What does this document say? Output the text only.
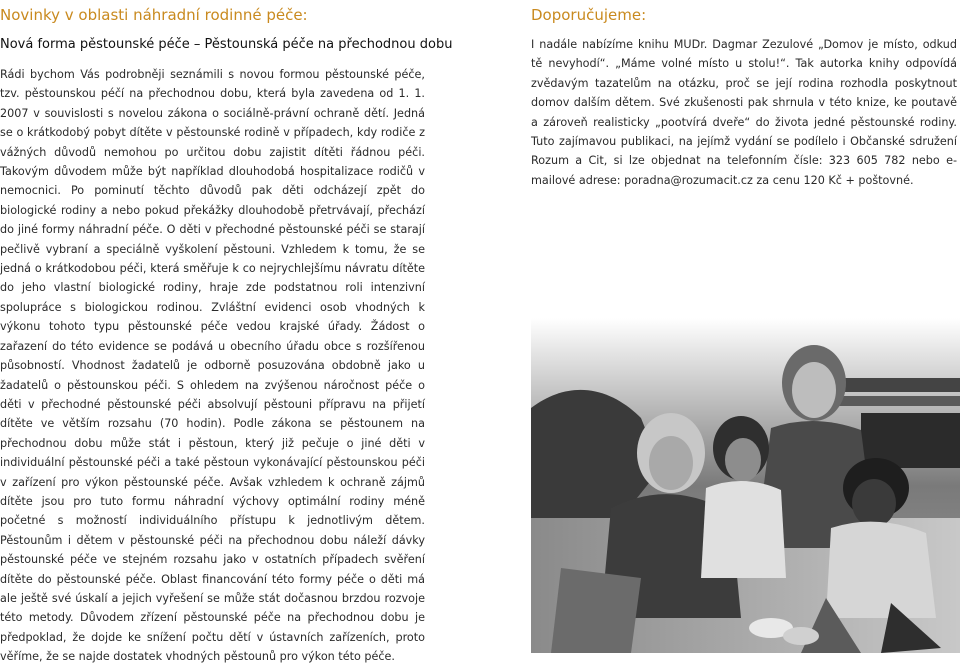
Novinky v oblasti náhradní rodinné péče:
Nová forma pěstounské péče – Pěstounská péče na přechodnou dobu

Rádi bychom Vás podrobněji seznámili s novou formou pěstounské péče, tzv. pěstounskou péčí na přechodnou dobu, která byla zavedena od 1. 1. 2007 v souvislosti s novelou zákona o sociálně-právní ochraně dětí. Jedná se o krátkodobý pobyt dítěte v pěstounské rodině v případech, kdy rodiče z vážných důvodů nemohou po určitou dobu zajistit dítěti řádnou péči. Takovým důvodem může být například dlouhodobá hospitalizace rodičů v nemocnici. Po pominutí těchto důvodů pak děti odcházejí zpět do biologické rodiny a nebo pokud překážky dlouhodobě přetrvávají, přechází do jiné formy náhradní péče. O děti v přechodné pěstounské péči se starají pečlivě vybraní a speciálně vyškolení pěstouni. Vzhledem k tomu, že se jedná o krátkodobou péči, která směřuje k co nejrychlejšímu návratu dítěte do jeho vlastní biologické rodiny, hraje zde podstatnou roli intenzivní spolupráce s biologickou rodinou. Zvláštní evidenci osob vhodných k výkonu tohoto typu pěstounské péče vedou krajské úřady. Žádost o zařazení do této evidence se podává u obecního úřadu obce s rozšířenou působností. Vhodnost žadatelů je odborně posuzována obdobně jako u žadatelů o pěstounskou péči. S ohledem na zvýšenou náročnost péče o děti v přechodné pěstounské péči absolvují pěstouni přípravu na přijetí dítěte ve větším rozsahu (70 hodin). Podle zákona se pěstounem na přechodnou dobu může stát i pěstoun, který již pečuje o jiné děti v individuální pěstounské péči a také pěstoun vykonávající pěstounskou péči v zařízení pro výkon pěstounské péče. Avšak vzhledem k ochraně zájmů dítěte jsou pro tuto formu náhradní výchovy optimální rodiny méně početné s možností individuálního přístupu k jednotlivým dětem. Pěstounům i dětem v pěstounské péči na přechodnou dobu náleží dávky pěstounské péče ve stejném rozsahu jako v ostatních případech svěření dítěte do pěstounské péče. Oblast financování této formy péče o děti má ale ještě své úskalí a jejich vyřešení se může stát dočasnou brzdou rozvoje této metody. Důvodem zřízení pěstounské péče na přechodnou dobu je předpoklad, že dojde ke snížení počtu dětí v ústavních zařízeních, proto věříme, že se najde dostatek vhodných pěstounů pro výkon této péče.

Doporučujeme:

I nadále nabízíme knihu MUDr. Dagmar Zezulové „Domov je místo, odkud tě nevyhodí“. „Máme volné místo u stolu!“. Tak autorka knihy odpovídá zvědavým tazatelům na otázku, proč se její rodina rozhodla poskytnout domov dalším dětem. Své zkušenosti pak shrnula v této knize, ke poutavě a zároveň realisticky „pootvírá dveře“ do života jedné pěstounské rodiny. Tuto zajímavou publikaci, na jejímž vydání se podílelo i Občanské sdružení Rozum a Cit, si lze objednat na telefonním čísle: 323 605 782 nebo e-mailové adrese: poradna@rozumacit.cz za cenu 120 Kč + poštovné.
